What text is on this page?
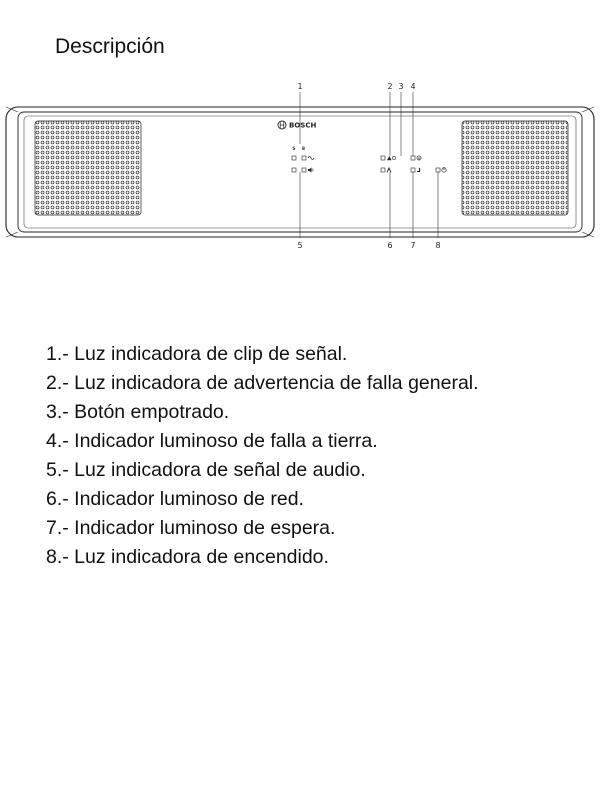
Descripción
BOSCH
S B
1	2 3 4
5	6 7 8
1.- Luz indicadora de clip de señal.
2.- Luz indicadora de advertencia de falla general.
3.- Botón empotrado.
4.- Indicador luminoso de falla a tierra.
5.- Luz indicadora de señal de audio.
6.- Indicador luminoso de red.
7.- Indicador luminoso de espera.
8.- Luz indicadora de encendido.
